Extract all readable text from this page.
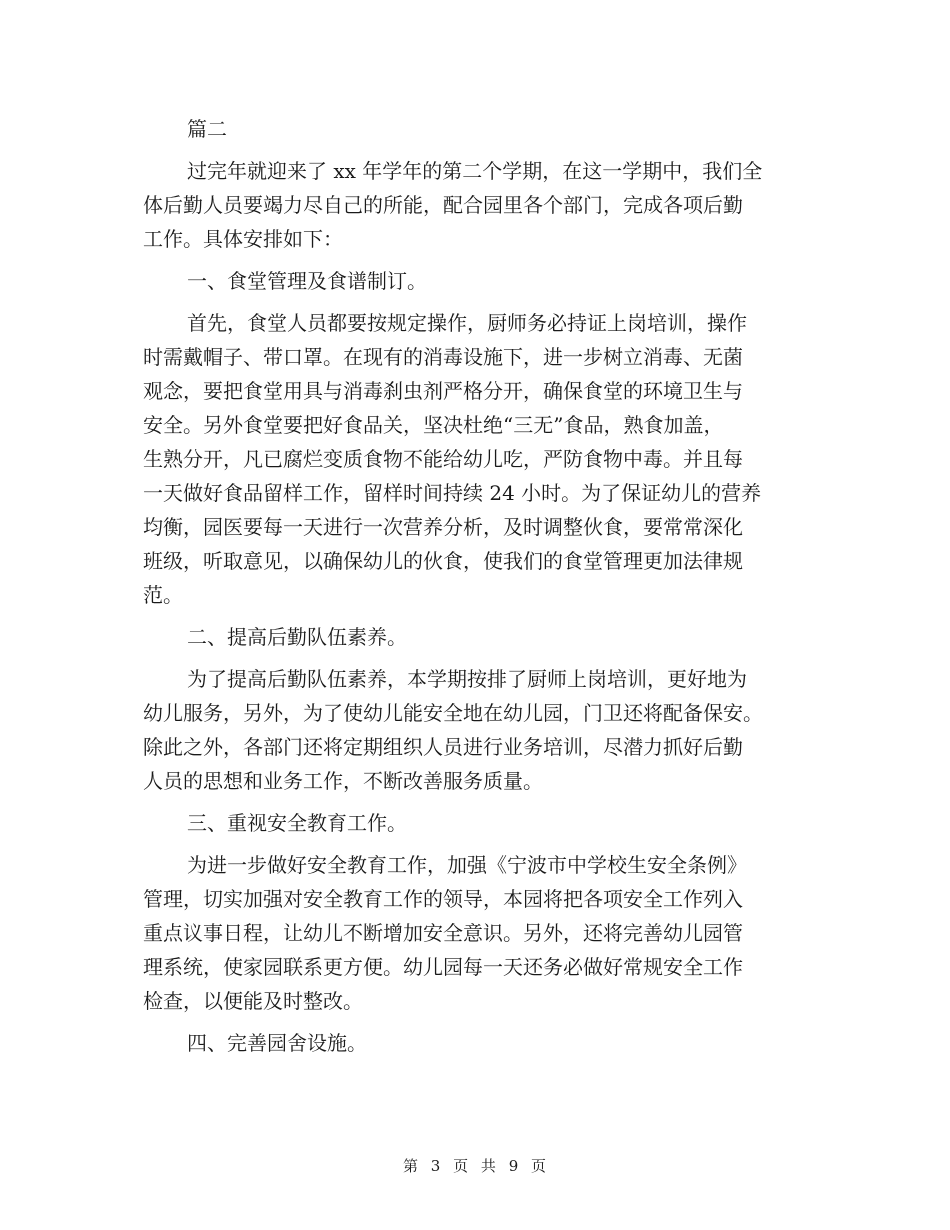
篇二
过完年就迎来了 xx 年学年的第二个学期，在这一学期中，我们全
体后勤人员要竭力尽自己的所能，配合园里各个部门，完成各项后勤
工作。具体安排如下：
一、食堂管理及食谱制订。
首先，食堂人员都要按规定操作，厨师务必持证上岗培训，操作
时需戴帽子、带口罩。在现有的消毒设施下，进一步树立消毒、无菌
观念，要把食堂用具与消毒刹虫剂严格分开，确保食堂的环境卫生与
安全。另外食堂要把好食品关，坚决杜绝“三无”食品，熟食加盖，
生熟分开，凡已腐烂变质食物不能给幼儿吃，严防食物中毒。并且每
一天做好食品留样工作，留样时间持续 24 小时。为了保证幼儿的营养
均衡，园医要每一天进行一次营养分析，及时调整伙食，要常常深化
班级，听取意见，以确保幼儿的伙食，使我们的食堂管理更加法律规
范。
二、提高后勤队伍素养。
为了提高后勤队伍素养，本学期按排了厨师上岗培训，更好地为
幼儿服务，另外，为了使幼儿能安全地在幼儿园，门卫还将配备保安。
除此之外，各部门还将定期组织人员进行业务培训，尽潜力抓好后勤
人员的思想和业务工作，不断改善服务质量。
三、重视安全教育工作。
为进一步做好安全教育工作，加强《宁波市中学校生安全条例》
管理，切实加强对安全教育工作的领导，本园将把各项安全工作列入
重点议事日程，让幼儿不断增加安全意识。另外，还将完善幼儿园管
理系统，使家园联系更方便。幼儿园每一天还务必做好常规安全工作
检查，以便能及时整改。
四、完善园舍设施。
第 3 页 共 9 页
